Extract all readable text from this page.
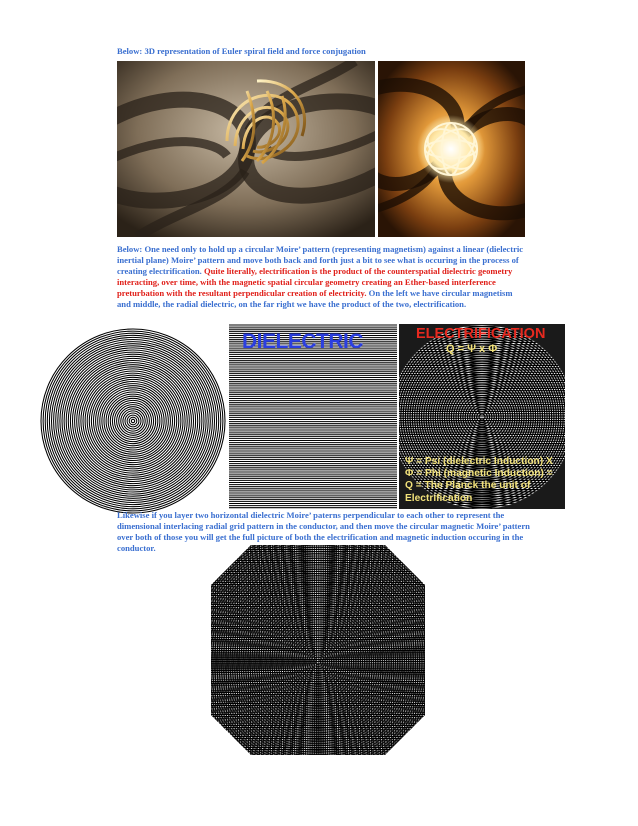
Below: 3D representation of Euler spiral field and force conjugation
Below: One need only to hold up a circular Moire’ pattern (representing magnetism) against a linear (dielectric inertial plane) Moire’ pattern and move both back and forth just a bit to see what is occuring in the process of creating electrification. Quite literally, electrification is the product of the counterspatial dielectric geometry interacting, over time, with the magnetic spatial circular geometry creating an Ether-based interference preturbation with the resultant perpendicular creation of electricity. On the left we have circular magnetism and middle, the radial dielectric, on the far right we have the product of the two, electrification.
DIELECTRIC	ELECTRIFICATION
Q = Ψ x Φ
Ψ = Psi (dielectric Induction) X
Φ = Phi (magnetic Induction) =
Q = The Planck the unit of
Electrification
Likewise if you layer two horizontal dielectric Moire’ paterns perpendicular to each other to represent the dimensional interlacing radial grid pattern in the conductor, and then move the circular magnetic Moire’ pattern over both of those you will get the full picture of both the electrification and magnetic induction occuring in the conductor.
